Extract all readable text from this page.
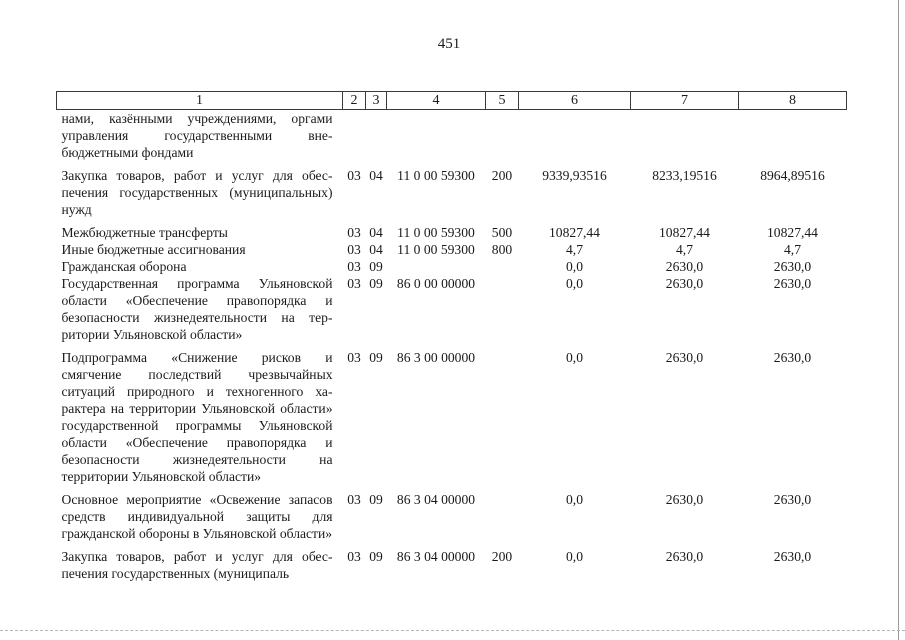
451
1	2	3	4	5	6	7	8
нами, казёнными учреждениями, оргами управления государственными внебюджетными фондами							
Закупка товаров, работ и услуг для обеспечения государственных (муниципальных) нужд	03	04	11 0 00 59300	200	9339,93516	8233,19516	8964,89516
Межбюджетные трансферты	03	04	11 0 00 59300	500	10827,44	10827,44	10827,44
Иные бюджетные ассигнования	03	04	11 0 00 59300	800	4,7	4,7	4,7
Гражданская оборона	03	09			0,0	2630,0	2630,0
Государственная программа Ульяновской области «Обеспечение правопорядка и безопасности жизнедеятельности на территории Ульяновской области»	03	09	86 0 00 00000		0,0	2630,0	2630,0
Подпрограмма «Снижение рисков и смягчение последствий чрезвычайных ситуаций природного и техногенного характера на территории Ульяновской области» государственной программы Ульяновской области «Обеспечение правопорядка и безопасности жизнедеятельности на территории Ульяновской области»	03	09	86 3 00 00000		0,0	2630,0	2630,0
Основное мероприятие «Освежение запасов средств индивидуальной защиты для гражданской обороны в Ульяновской области»	03	09	86 3 04 00000		0,0	2630,0	2630,0
Закупка товаров, работ и услуг для обеспечения государственных (муниципаль	03	09	86 3 04 00000	200	0,0	2630,0	2630,0
